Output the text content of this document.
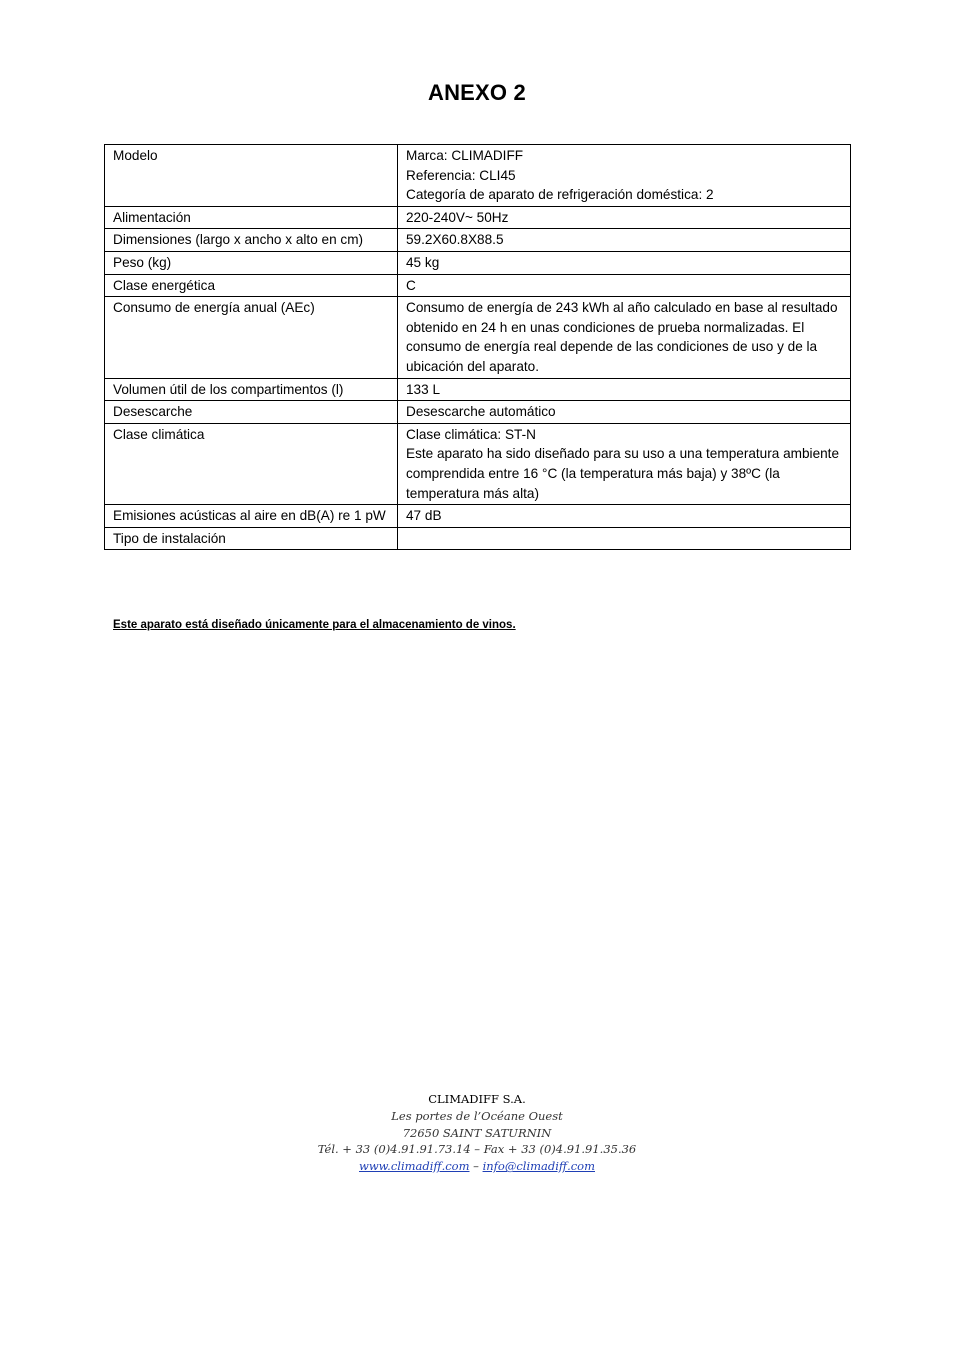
ANEXO 2
Modelo	Marca: CLIMADIFF
Referencia: CLI45
Categoría de aparato de refrigeración doméstica: 2

Alimentación	220-240V~ 50Hz
Dimensiones (largo x ancho x alto en cm)	59.2X60.8X88.5
Peso (kg)	45 kg
Clase energética	C
Consumo de energía anual (AEc)	Consumo de energía de 243 kWh al año calculado en base al resultado obtenido en 24 h en unas condiciones de prueba normalizadas. El consumo de energía real depende de las condiciones de uso y de la ubicación del aparato.
Volumen útil de los compartimentos (l)	133 L
Desescarche	Desescarche automático
Clase climática	Clase climática: ST-N
Este aparato ha sido diseñado para su uso a una temperatura ambiente comprendida entre 16 °C (la temperatura más baja) y 38ºC (la temperatura más alta)

Emisiones acústicas al aire en dB(A) re 1 pW	47 dB
Tipo de instalación	
Este aparato está diseñado únicamente para el almacenamiento de vinos.
CLIMADIFF S.A.
Les portes de l’Océane Ouest
72650 SAINT SATURNIN
Tél. + 33 (0)4.91.91.73.14 – Fax + 33 (0)4.91.91.35.36
www.climadiff.com – info@climadiff.com
